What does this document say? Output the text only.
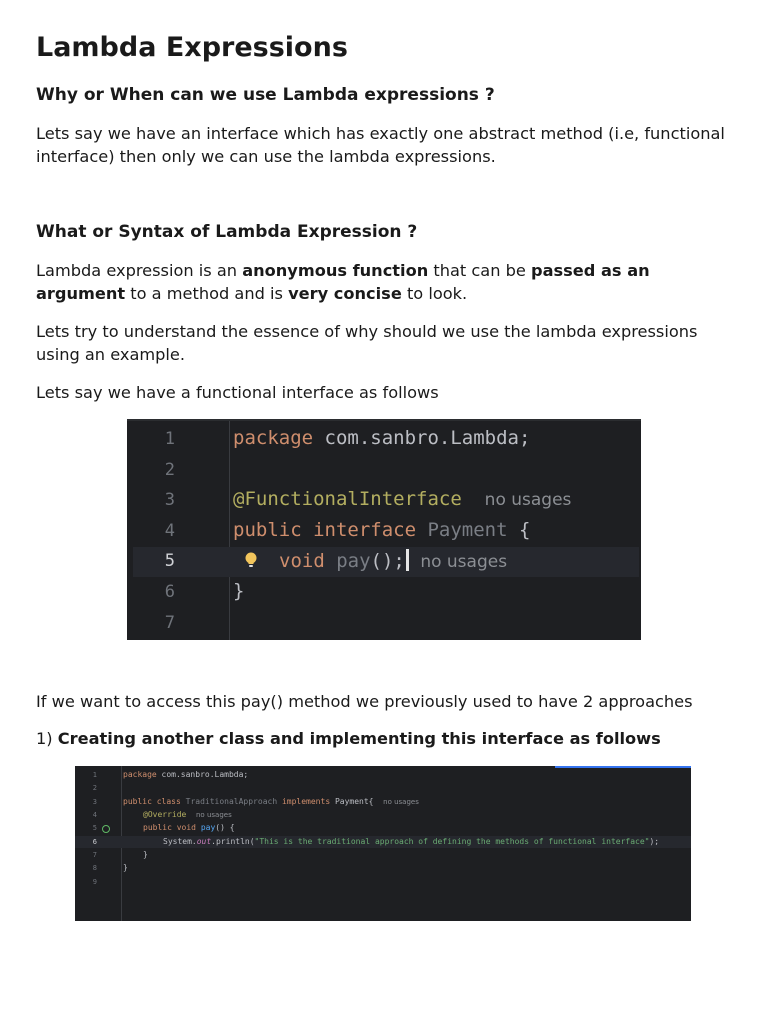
Lambda Expressions
Why or When can we use Lambda expressions ?

Lets say we have an interface which has exactly one abstract method (i.e, functional interface) then only we can use the lambda expressions.

What or Syntax of Lambda Expression ?

Lambda expression is an anonymous function that can be passed as an argument to a method and is very concise to look.

Lets try to understand the essence of why should we use the lambda expressions using an example.

Lets say we have a functional interface as follows

If we want to access this pay() method we previously used to have 2 approaches

1) Creating another class and implementing this interface as follows

1
2
3
4
5
6
7
package com.sanbro.Lambda;
@FunctionalInterface no usages
public interface Payment {
void pay(); no usages
}
1
2
3
4
5
6
7
8
9
package com.sanbro.Lambda;
public class TraditionalApproach implements Payment{ no usages
@Override no usages
public void pay() {
System.out.println("This is the traditional approach of defining the methods of functional interface");
}
}
